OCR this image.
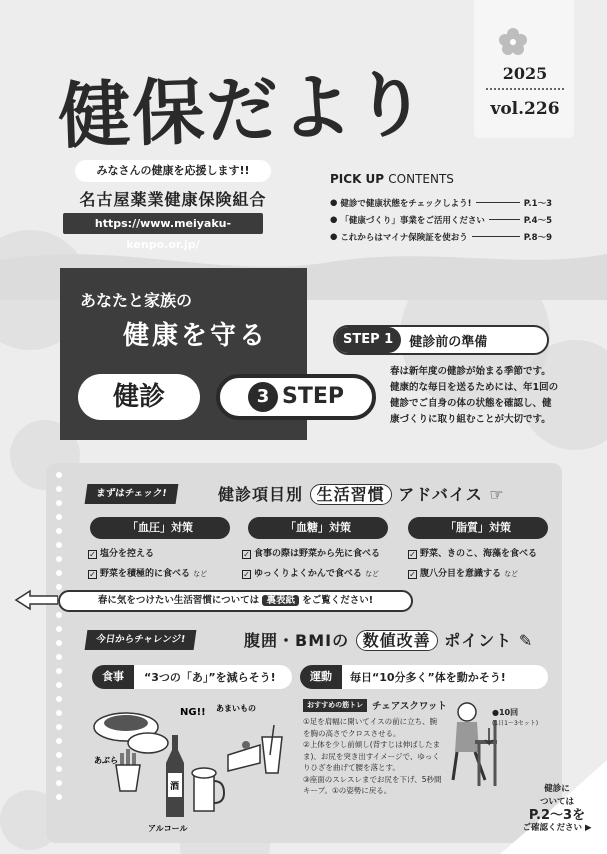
健保だより	2025
vol.226
みなさんの健康を応援します!!
名古屋薬業健康保険組合
https://www.meiyaku-kenpo.or.jp/
PICK UP CONTENTS
● 健診で健康状態をチェックしよう!	P.1～3
● 「健康づくり」事業をご活用ください	P.4～5
● これからはマイナ保険証を使おう	P.8～9
あなたと家族の
健康を守る
健診	3 STEP
STEP 1	健診前の準備
春は新年度の健診が始まる季節です。健康的な毎日を送るためには、年1回の健診でご自身の体の状態を確認し、健康づくりに取り組むことが大切です。
まずはチェック!	健診項目別 生活習慣 アドバイス ☞
「血圧」対策	「血糖」対策	「脂質」対策
✓ 塩分を控える
✓ 野菜を積極的に食べる など
✓ 食事の際は野菜から先に食べる
✓ ゆっくりよくかんで食べる など
✓ 野菜、きのこ、海藻を食べる
✓ 腹八分目を意識する など
春に気をつけたい生活習慣については 裏表紙 をご覧ください!
今日からチャレンジ!	腹囲・BMIの 数値改善 ポイント ✎
食事	“3つの「あ」”を減らそう!	運動	毎日“10分多く”体を動かそう!
NG!! あまいもの
あぶら
アルコール
酒
おすすめの筋トレ チェアスクワット
①足を肩幅に開いてイスの前に立ち、腕を胸の高さでクロスさせる。
②上体を少し前傾し(背すじは伸ばしたまま)、お尻を突き出すイメージで、ゆっくりひざを曲げて腰を落とす。
③座面のスレスレまでお尻を下げ、5秒間キープ。①の姿勢に戻る。
●10回
(1日1～3セット)
健診に
ついては
P.2～3を
ご確認ください ▶
